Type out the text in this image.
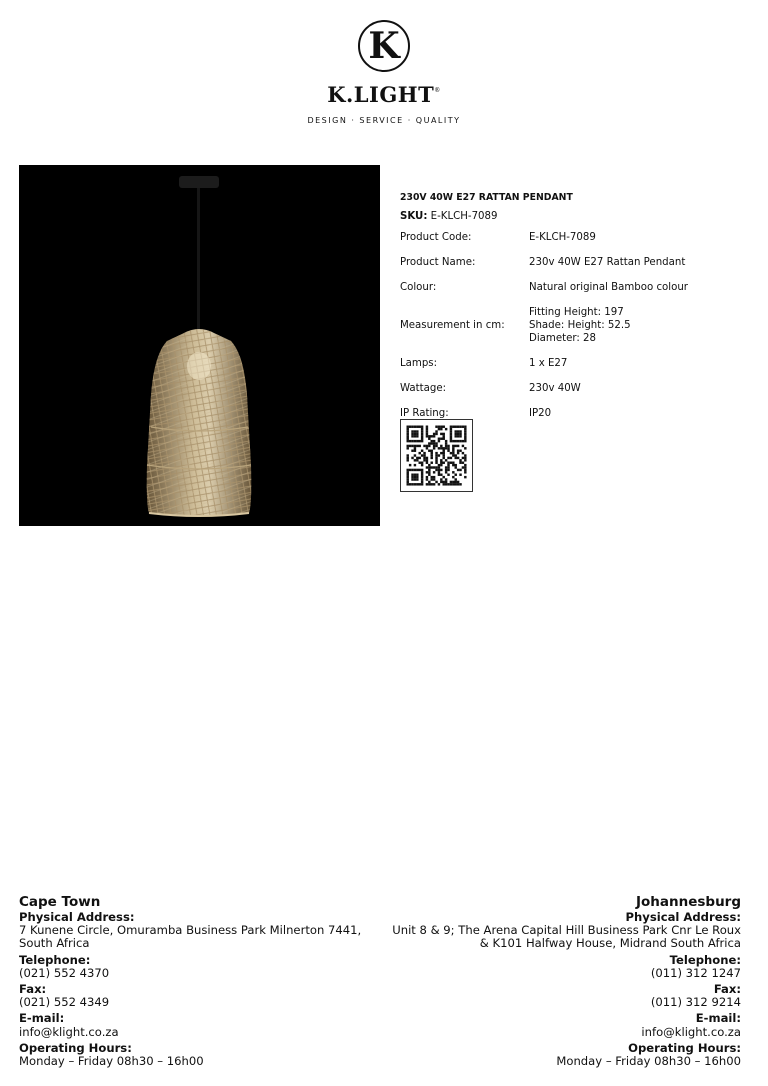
K
K.LIGHT®
DESIGN · SERVICE · QUALITY
230V 40W E27 RATTAN PENDANT
SKU: E-KLCH-7089
Product Code:	E-KLCH-7089
Product Name:	230v 40W E27 Rattan Pendant
Colour:	Natural original Bamboo colour
Measurement in cm:	Fitting Height: 197
Shade: Height: 52.5
Diameter: 28

Lamps:	1 x E27
Wattage:	230v 40W
IP Rating:	IP20
Cape Town
Physical Address:
7 Kunene Circle, Omuramba Business Park Milnerton 7441,
South Africa
Telephone:
(021) 552 4370
Fax:
(021) 552 4349
E-mail:
info@klight.co.za
Operating Hours:
Monday – Friday 08h30 – 16h00
Johannesburg
Physical Address:
Unit 8 & 9; The Arena Capital Hill Business Park Cnr Le Roux
& K101 Halfway House, Midrand South Africa
Telephone:
(011) 312 1247
Fax:
(011) 312 9214
E-mail:
info@klight.co.za
Operating Hours:
Monday – Friday 08h30 – 16h00
